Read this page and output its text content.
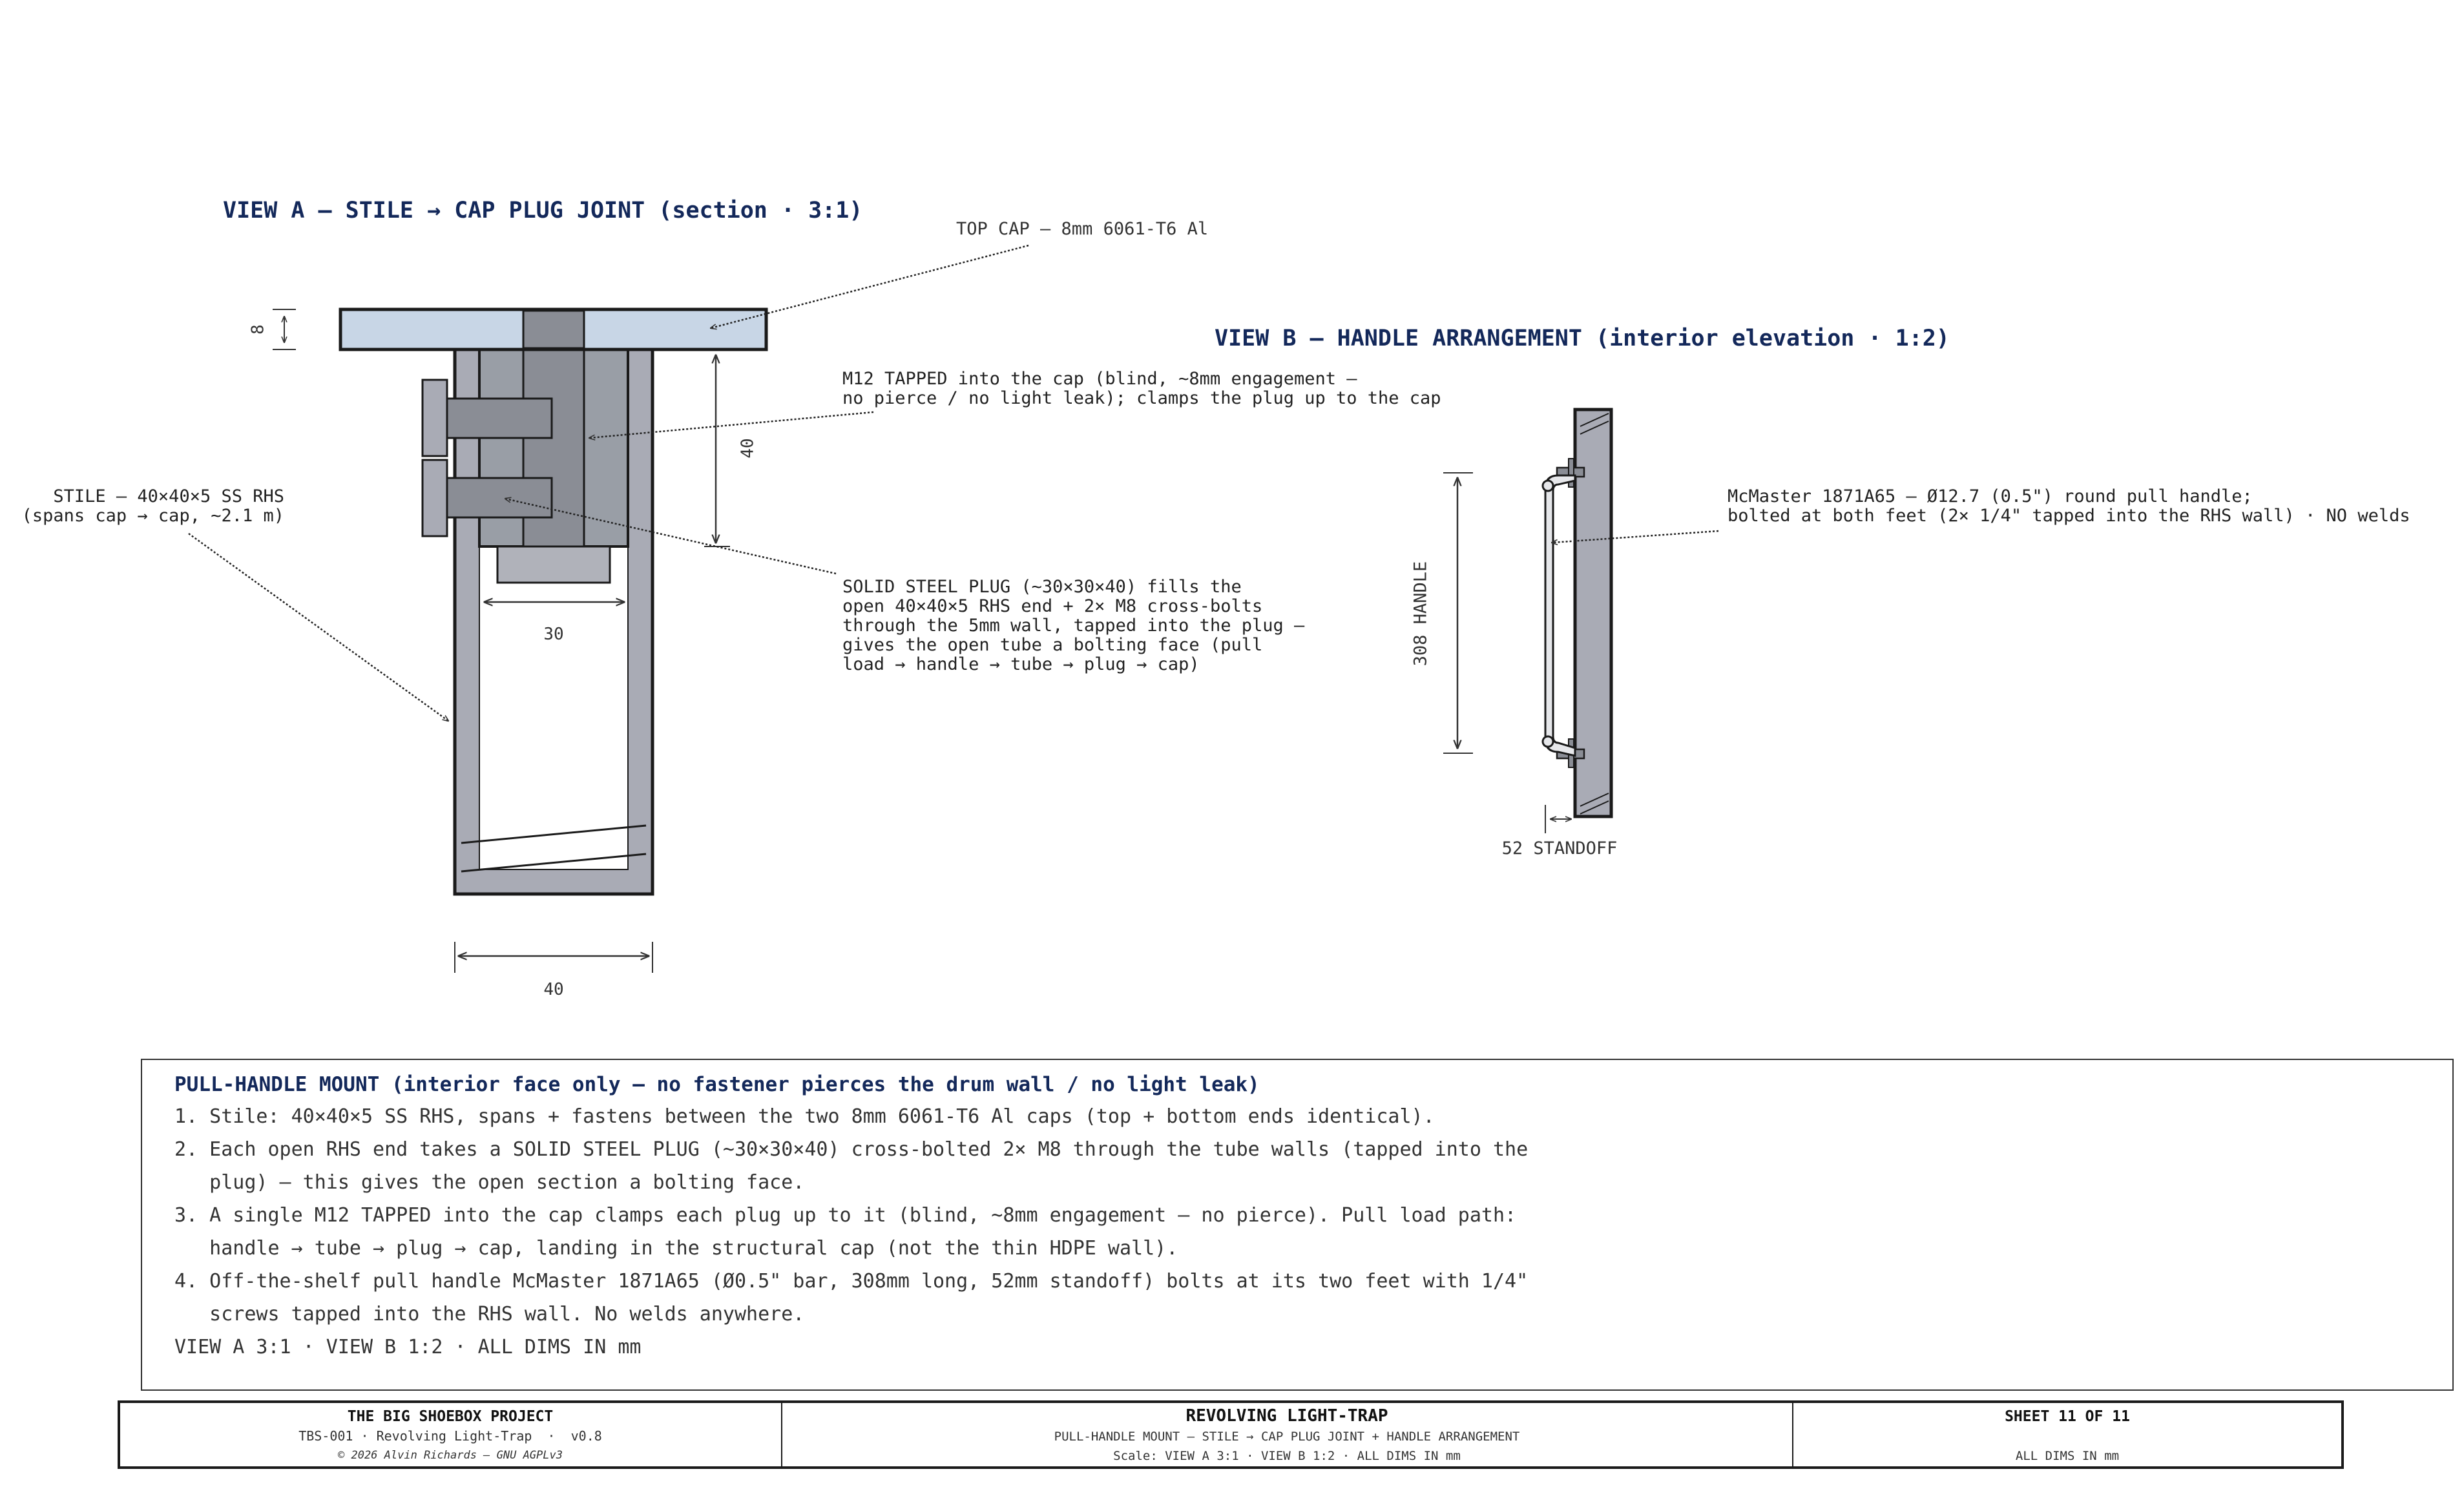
VIEW A — STILE → CAP PLUG JOINT (section · 3:1)
8
40
30
40
TOP CAP — 8mm 6061-T6 Al
M12 TAPPED into the cap (blind, ~8mm engagement —
no pierce / no light leak); clamps the plug up to the cap
STILE — 40×40×5 SS RHS
(spans cap → cap, ~2.1 m)
SOLID STEEL PLUG (~30×30×40) fills the
open 40×40×5 RHS end + 2× M8 cross-bolts
through the 5mm wall, tapped into the plug —
gives the open tube a bolting face (pull
load → handle → tube → plug → cap)
VIEW B — HANDLE ARRANGEMENT (interior elevation · 1:2)
308 HANDLE
52 STANDOFF
McMaster 1871A65 — Ø12.7 (0.5") round pull handle;
bolted at both feet (2× 1/4" tapped into the RHS wall) · NO welds
PULL-HANDLE MOUNT (interior face only — no fastener pierces the drum wall / no light leak)
1. Stile: 40×40×5 SS RHS, spans + fastens between the two 8mm 6061-T6 Al caps (top + bottom ends identical).
2. Each open RHS end takes a SOLID STEEL PLUG (~30×30×40) cross-bolted 2× M8 through the tube walls (tapped into the
plug) — this gives the open section a bolting face.
3. A single M12 TAPPED into the cap clamps each plug up to it (blind, ~8mm engagement — no pierce). Pull load path:
handle → tube → plug → cap, landing in the structural cap (not the thin HDPE wall).
4. Off-the-shelf pull handle McMaster 1871A65 (Ø0.5" bar, 308mm long, 52mm standoff) bolts at its two feet with 1/4"
screws tapped into the RHS wall. No welds anywhere.
VIEW A 3:1 · VIEW B 1:2 · ALL DIMS IN mm
THE BIG SHOEBOX PROJECT
TBS-001 · Revolving Light-Trap  ·  v0.8
© 2026 Alvin Richards — GNU AGPLv3
REVOLVING LIGHT-TRAP
PULL-HANDLE MOUNT — STILE → CAP PLUG JOINT + HANDLE ARRANGEMENT
Scale: VIEW A 3:1 · VIEW B 1:2 · ALL DIMS IN mm
SHEET 11 OF 11
ALL DIMS IN mm
